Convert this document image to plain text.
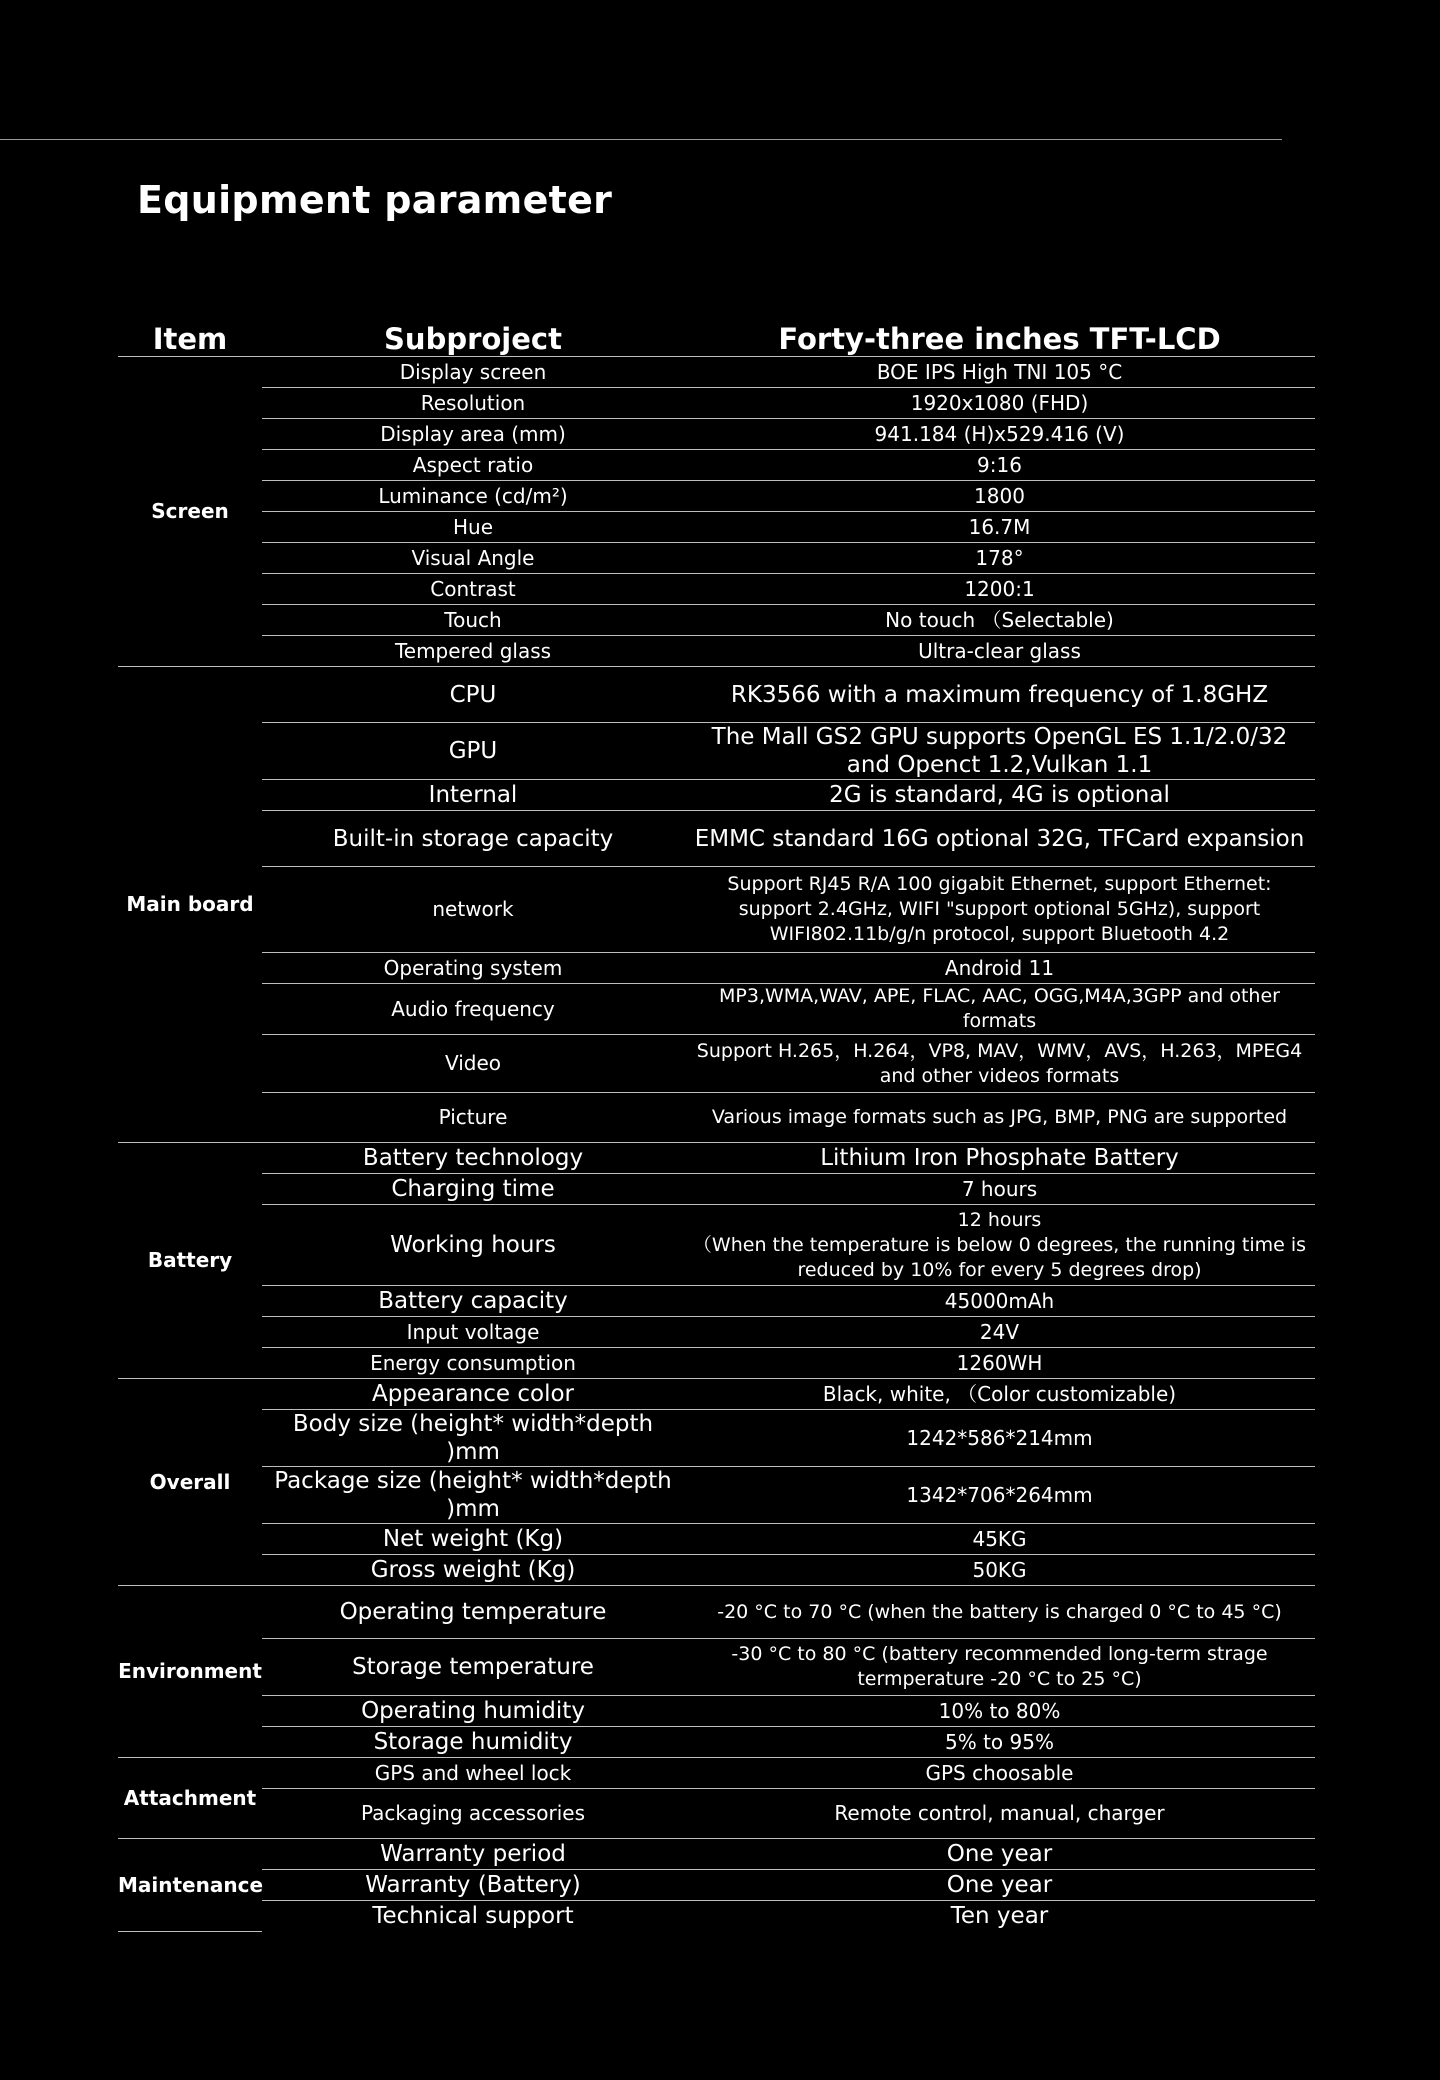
Equipment parameter
Item	Subproject	Forty-three inches TFT-LCD
Screen	Display screen	BOE IPS High TNI 105 °C
	Resolution	1920x1080 (FHD)
	Display area (mm)	941.184 (H)x529.416 (V)
	Aspect ratio	9:16
	Luminance (cd/m²)	1800
	Hue	16.7M
	Visual Angle	178°
	Contrast	1200:1
	Touch	No touch （Selectable)
	Tempered glass	Ultra-clear glass
Main board	CPU	RK3566 with a maximum frequency of 1.8GHZ
	GPU	The Mall GS2 GPU supports OpenGL ES 1.1/2.0/32 and Openct 1.2,Vulkan 1.1
	Internal	2G is standard, 4G is optional
	Built-in storage capacity	EMMC standard 16G optional 32G, TFCard expansion
	network	Support RJ45 R/A 100 gigabit Ethernet, support Ethernet: support 2.4GHz, WIFI "support optional 5GHz), support WIFI802.11b/g/n protocol, support Bluetooth 4.2
	Operating system	Android 11
	Audio frequency	MP3,WMA,WAV, APE, FLAC, AAC, OGG,M4A,3GPP and other formats
	Video	Support H.265，H.264，VP8, MAV，WMV，AVS，H.263，MPEG4 and other videos formats
	Picture	Various image formats such as JPG, BMP, PNG are supported
Battery	Battery technology	Lithium Iron Phosphate Battery
	Charging time	7 hours
	Working hours	12 hours
（When the temperature is below 0 degrees, the running time is reduced by 10% for every 5 degrees drop)

	Battery capacity	45000mAh
	Input voltage	24V
	Energy consumption	1260WH
Overall	Appearance color	Black, white, （Color customizable)
	Body size (height* width*depth )mm	1242*586*214mm
	Package size (height* width*depth )mm	1342*706*264mm
	Net weight (Kg)	45KG
	Gross weight (Kg)	50KG
Environment	Operating temperature	-20 °C to 70 °C (when the battery is charged 0 °C to 45 °C)
	Storage temperature	-30 °C to 80 °C (battery recommended long-term strage termperature -20 °C to 25 °C)
	Operating humidity	10% to 80%
	Storage humidity	5% to 95%
Attachment	GPS and wheel lock	GPS choosable
	Packaging accessories	Remote control, manual, charger
Maintenance	Warranty period	One year
	Warranty (Battery)	One year
	Technical support	Ten year
